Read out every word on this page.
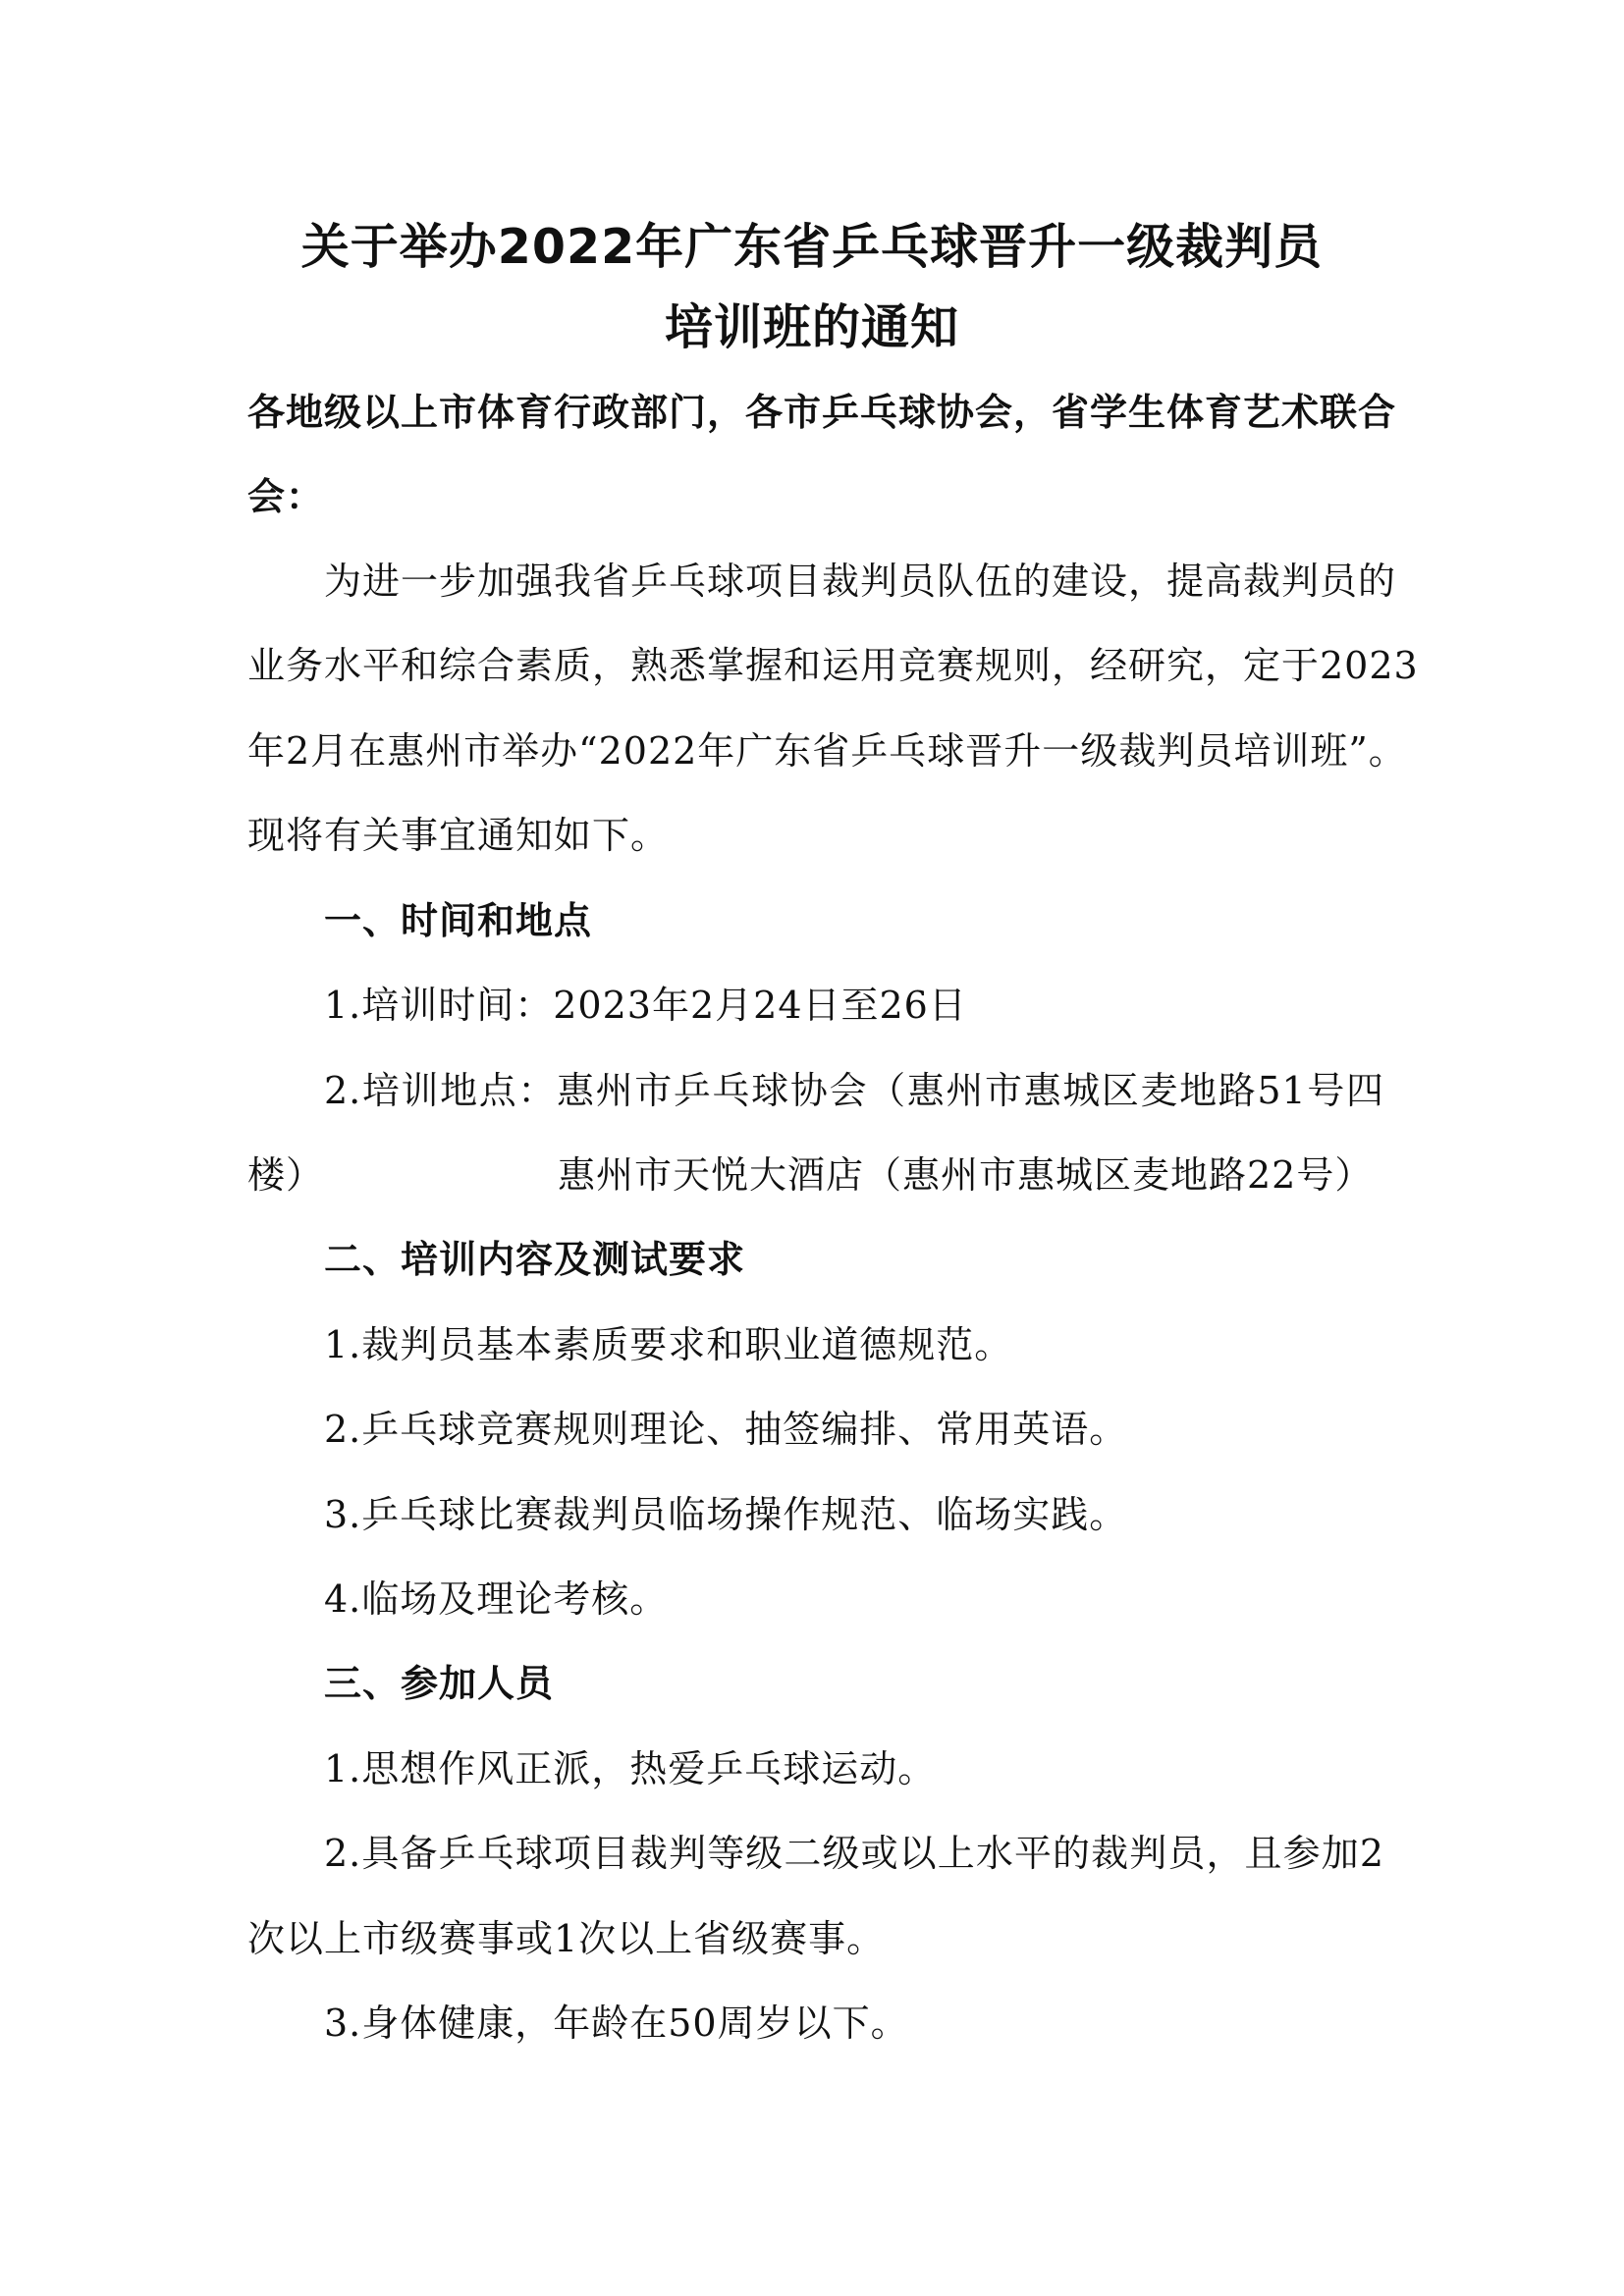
关于举办2022年广东省乒乓球晋升一级裁判员
培训班的通知
各地级以上市体育行政部门，各市乒乓球协会，省学生体育艺术联合
会：
为进一步加强我省乒乓球项目裁判员队伍的建设，提高裁判员的
业务水平和综合素质，熟悉掌握和运用竞赛规则，经研究，定于2023
年2月在惠州市举办“2022年广东省乒乓球晋升一级裁判员培训班”。
现将有关事宜通知如下。
一、时间和地点
1.培训时间：2023年2月24日至26日
2.培训地点：惠州市乒乓球协会（惠州市惠城区麦地路51号四
楼）	惠州市天悦大酒店（惠州市惠城区麦地路22号）
二、培训内容及测试要求
1.裁判员基本素质要求和职业道德规范。
2.乒乓球竞赛规则理论、抽签编排、常用英语。
3.乒乓球比赛裁判员临场操作规范、临场实践。
4.临场及理论考核。
三、参加人员
1.思想作风正派，热爱乒乓球运动。
2.具备乒乓球项目裁判等级二级或以上水平的裁判员，且参加2
次以上市级赛事或1次以上省级赛事。
3.身体健康，年龄在50周岁以下。
